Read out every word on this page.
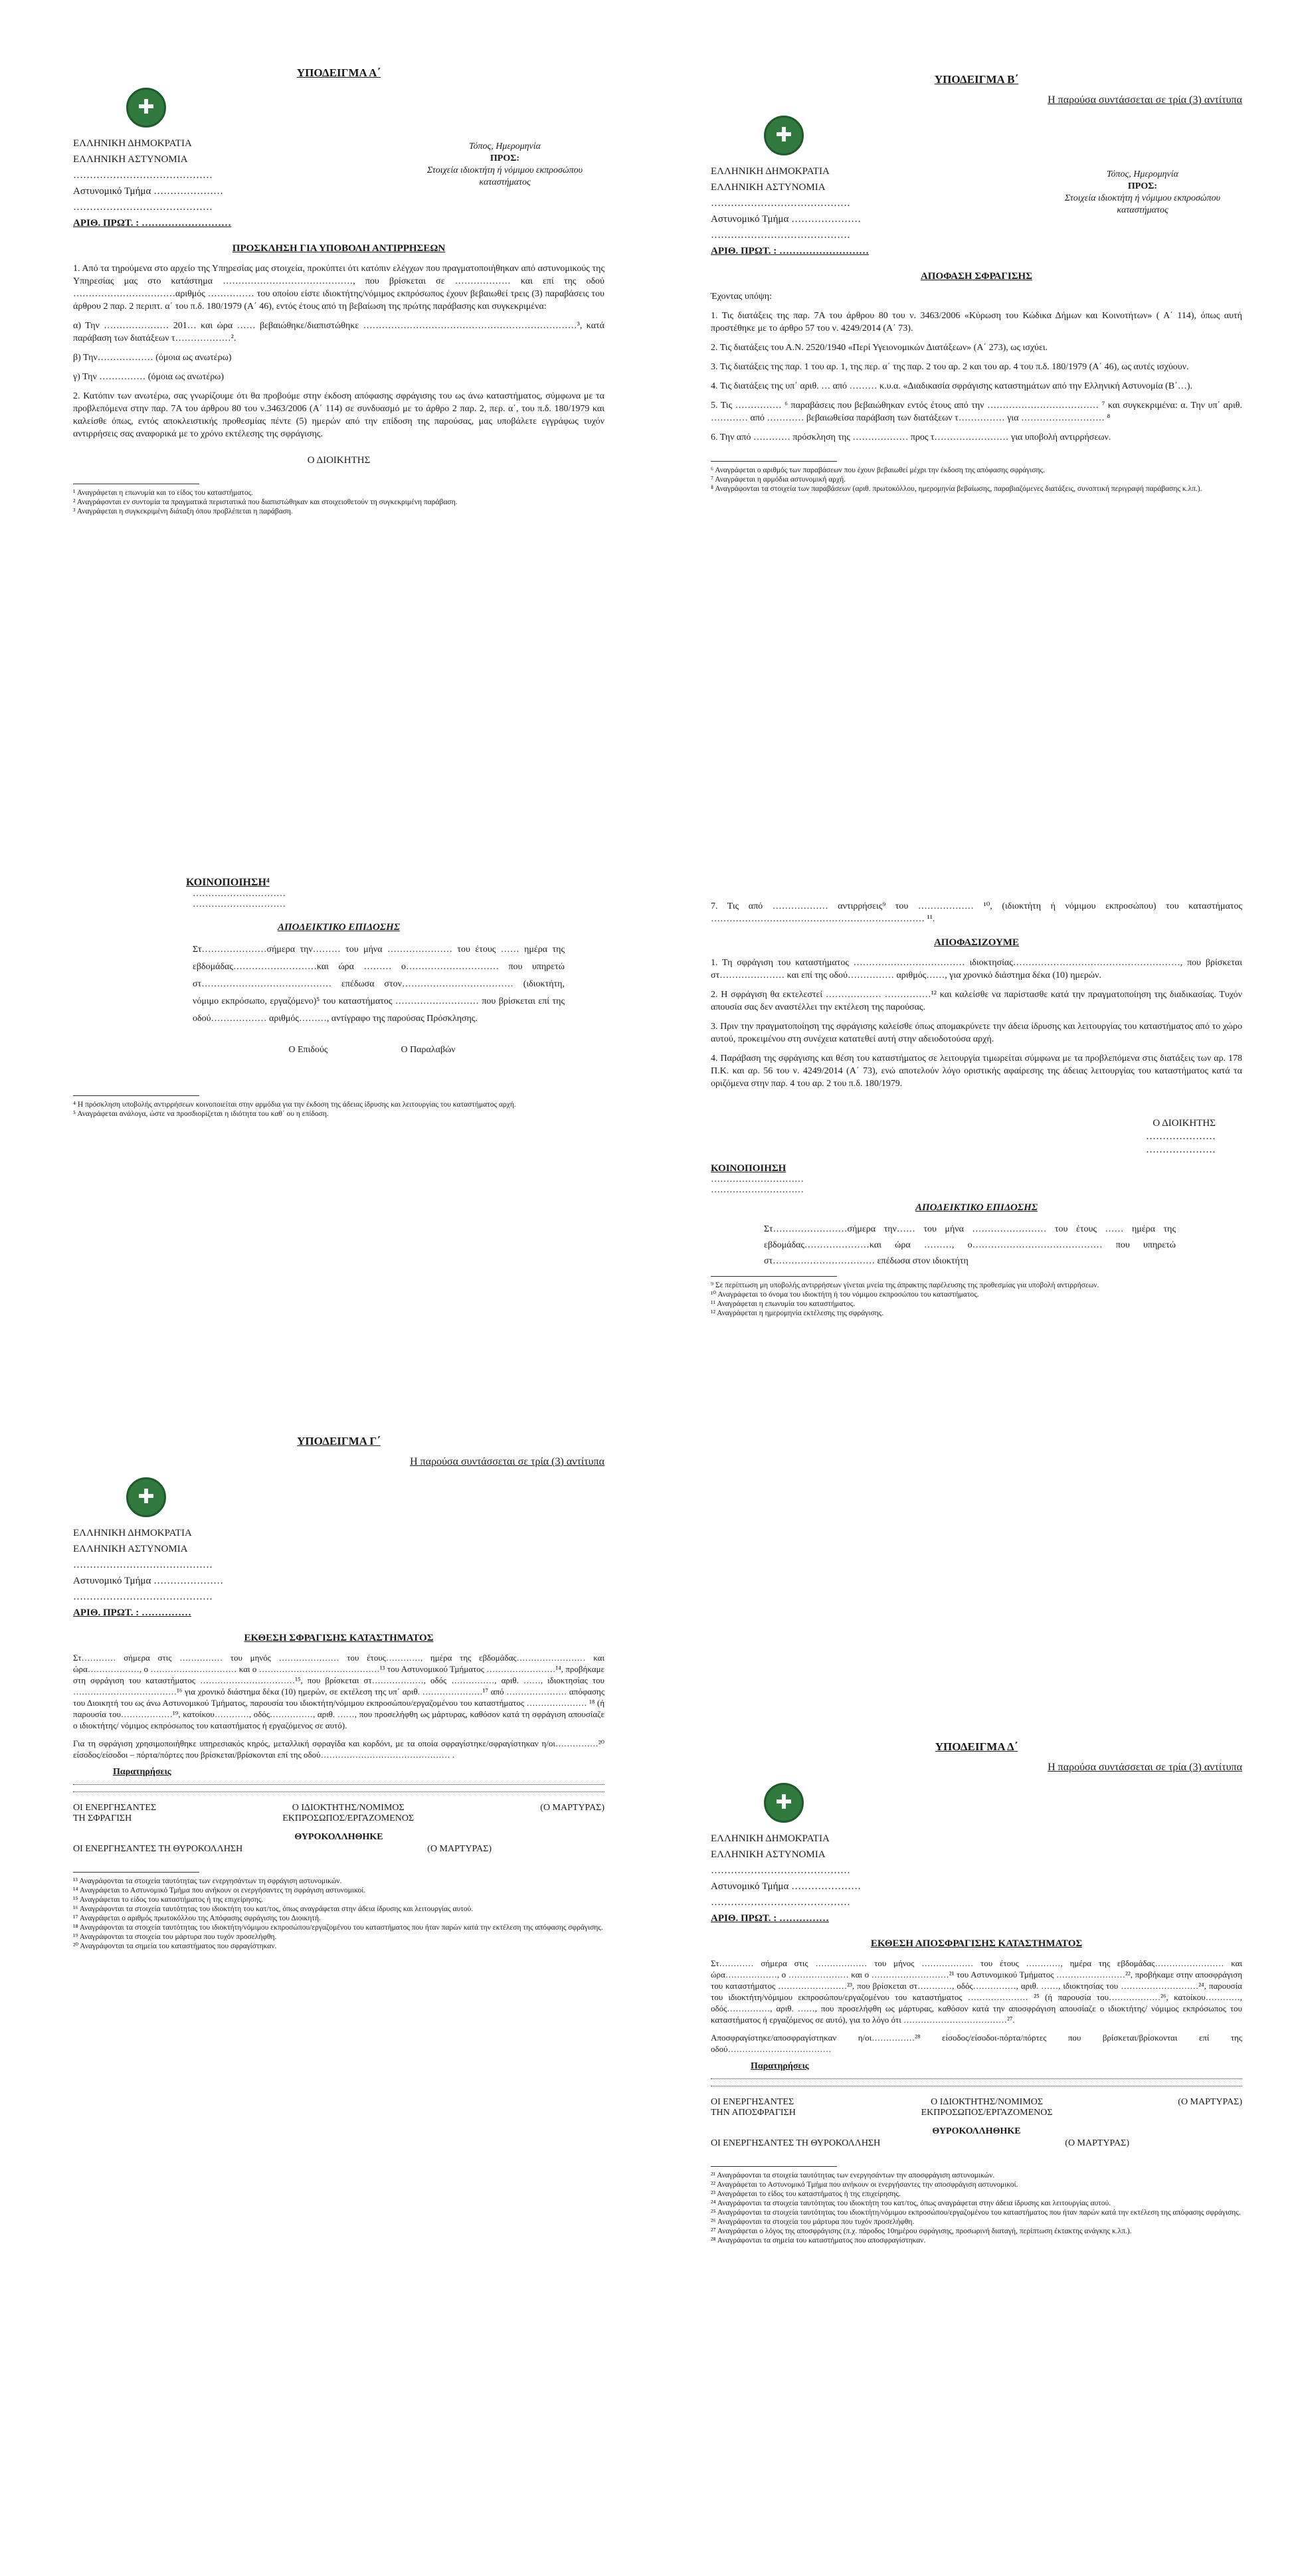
ΥΠΟΔΕΙΓΜΑ Α΄
✚
ΕΛΛΗΝΙΚΗ ΔΗΜΟΚΡΑΤΙΑ
ΕΛΛΗΝΙΚΗ ΑΣΤΥΝΟΜΙΑ
……………………………………
Αστυνομικό Τμήμα …………………
……………………………………
ΑΡΙΘ. ΠΡΩΤ. : ………………………
Τόπος, Ημερομηνία
ΠΡΟΣ:
Στοιχεία ιδιοκτήτη ή νόμιμου εκπροσώπου καταστήματος
ΠΡΟΣΚΛΗΣΗ ΓΙΑ ΥΠΟΒΟΛΗ ΑΝΤΙΡΡΗΣΕΩΝ

1. Από τα τηρούμενα στο αρχείο της Υπηρεσίας μας στοιχεία, προκύπτει ότι κατόπιν ελέγχων που πραγματοποιήθηκαν από αστυνομικούς της Υπηρεσίας μας στο κατάστημα ……………………………………, που βρίσκεται σε ……………… και επί της οδού ……………………………αριθμός …………… του οποίου είστε ιδιοκτήτης/νόμιμος εκπρόσωπος έχουν βεβαιωθεί τρεις (3) παραβάσεις του άρθρου 2 παρ. 2 περιπτ. α΄ του π.δ. 180/1979 (Α΄ 46), εντός έτους από τη βεβαίωση της πρώτης παράβασης και συγκεκριμένα:

α) Την ………………… 201… και ώρα …… βεβαιώθηκε/διαπιστώθηκε ……………………………………………………………³, κατά παράβαση των διατάξεων τ………………².

β) Την……………… (όμοια ως ανωτέρω)

γ) Την …………… (όμοια ως ανωτέρω)

2. Κατόπιν των ανωτέρω, σας γνωρίζουμε ότι θα προβούμε στην έκδοση απόφασης σφράγισης του ως άνω καταστήματος, σύμφωνα με τα προβλεπόμενα στην παρ. 7Α του άρθρου 80 του ν.3463/2006 (Α΄ 114) σε συνδυασμό με το άρθρο 2 παρ. 2, περ. α΄, του π.δ. 180/1979 και καλείσθε όπως, εντός αποκλειστικής προθεσμίας πέντε (5) ημερών από την επίδοση της παρούσας, μας υποβάλετε εγγράφως τυχόν αντιρρήσεις σας αναφορικά με το χρόνο εκτέλεσης της σφράγισης.

Ο ΔΙΟΙΚΗΤΗΣ

¹ Αναγράφεται η επωνυμία και το είδος του καταστήματος.

² Αναγράφονται εν συντομία τα πραγματικά περιστατικά που διαπιστώθηκαν και στοιχειοθετούν τη συγκεκριμένη παράβαση.

³ Αναγράφεται η συγκεκριμένη διάταξη όπου προβλέπεται η παράβαση.

ΥΠΟΔΕΙΓΜΑ Β΄
Η παρούσα συντάσσεται σε τρία (3) αντίτυπα
✚
ΕΛΛΗΝΙΚΗ ΔΗΜΟΚΡΑΤΙΑ
ΕΛΛΗΝΙΚΗ ΑΣΤΥΝΟΜΙΑ
……………………………………
Αστυνομικό Τμήμα …………………
……………………………………
ΑΡΙΘ. ΠΡΩΤ. : ………………………
Τόπος, Ημερομηνία
ΠΡΟΣ:
Στοιχεία ιδιοκτήτη ή νόμιμου εκπροσώπου καταστήματος
ΑΠΟΦΑΣΗ ΣΦΡΑΓΙΣΗΣ

Έχοντας υπόψη:

1. Τις διατάξεις της παρ. 7Α του άρθρου 80 του ν. 3463/2006 «Κύρωση του Κώδικα Δήμων και Κοινοτήτων» ( Α΄ 114), όπως αυτή προστέθηκε με το άρθρο 57 του ν. 4249/2014 (Α΄ 73).

2. Τις διατάξεις του Α.Ν. 2520/1940 «Περί Υγειονομικών Διατάξεων» (Α΄ 273), ως ισχύει.

3. Τις διατάξεις της παρ. 1 του αρ. 1, της περ. α΄ της παρ. 2 του αρ. 2 και του αρ. 4 του π.δ. 180/1979 (Α΄ 46), ως αυτές ισχύουν.

4. Τις διατάξεις της υπ΄ αριθ. … από ……… κ.υ.α. «Διαδικασία σφράγισης καταστημάτων από την Ελληνική Αστυνομία (Β΄…).

5. Τις …………… ⁶ παραβάσεις που βεβαιώθηκαν εντός έτους από την ……………………………… ⁷ και συγκεκριμένα: α. Την υπ΄ αριθ. ………… από ………… βεβαιωθείσα παράβαση των διατάξεων τ…………… για ……………………… ⁸

6. Την από ………… πρόσκληση της ……………… προς τ…………………… για υποβολή αντιρρήσεων.

⁶ Αναγράφεται ο αριθμός των παραβάσεων που έχουν βεβαιωθεί μέχρι την έκδοση της απόφασης σφράγισης.

⁷ Αναγράφεται η αρμόδια αστυνομική αρχή.

⁸ Αναγράφονται τα στοιχεία των παραβάσεων (αριθ. πρωτοκόλλου, ημερομηνία βεβαίωσης, παραβιαζόμενες διατάξεις, συνοπτική περιγραφή παράβασης κ.λπ.).

ΚΟΙΝΟΠΟΙΗΣΗ⁴
…………………………
…………………………
ΑΠΟΔΕΙΚΤΙΚΟ ΕΠΙΔΟΣΗΣ

Στ…………………σήμερα την……… του μήνα ………………… του έτους …… ημέρα της εβδομάδας………………………και ώρα ……… ο………………………… που υπηρετώ στ…………………………………… επέδωσα στον……………………………… (ιδιοκτήτη, νόμιμο εκπρόσωπο, εργαζόμενο)⁵ του καταστήματος ……………………… που βρίσκεται επί της οδού……………… αριθμός………, αντίγραφο της παρούσας Πρόσκλησης.

Ο Επιδούς	Ο Παραλαβών

⁴ Η πρόσκληση υποβολής αντιρρήσεων κοινοποιείται στην αρμόδια για την έκδοση της άδειας ίδρυσης και λειτουργίας του καταστήματος αρχή.

⁵ Αναγράφεται ανάλογα, ώστε να προσδιορίζεται η ιδιότητα του καθ΄ ου η επίδοση.

7. Τις από ……………… αντιρρήσεις⁹ του ……………… ¹⁰, (ιδιοκτήτη ή νόμιμου εκπροσώπου) του καταστήματος …………………………………………………………… ¹¹.

ΑΠΟΦΑΣΙΖΟΥΜΕ

1. Τη σφράγιση του καταστήματος ……………………………… ιδιοκτησίας………………………………………………, που βρίσκεται στ………………… και επί της οδού…………… αριθμός……, για χρονικό διάστημα δέκα (10) ημερών.

2. Η σφράγιση θα εκτελεστεί ……………… ……………¹² και καλείσθε να παρίστασθε κατά την πραγματοποίηση της διαδικασίας. Τυχόν απουσία σας δεν αναστέλλει την εκτέλεση της παρούσας.

3. Πριν την πραγματοποίηση της σφράγισης καλείσθε όπως απομακρύνετε την άδεια ίδρυσης και λειτουργίας του καταστήματος από το χώρο αυτού, προκειμένου στη συνέχεια κατατεθεί αυτή στην αδειοδοτούσα αρχή.

4. Παράβαση της σφράγισης και θέση του καταστήματος σε λειτουργία τιμωρείται σύμφωνα με τα προβλεπόμενα στις διατάξεις των αρ. 178 Π.Κ. και αρ. 56 του ν. 4249/2014 (Α΄ 73), ενώ αποτελούν λόγο οριστικής αφαίρεσης της άδειας λειτουργίας του καταστήματος κατά τα οριζόμενα στην παρ. 4 του αρ. 2 του π.δ. 180/1979.

Ο ΔΙΟΙΚΗΤΗΣ
…………………
…………………
ΚΟΙΝΟΠΟΙΗΣΗ
…………………………
…………………………
ΑΠΟΔΕΙΚΤΙΚΟ ΕΠΙΔΟΣΗΣ

Στ……………………σήμερα την…… του μήνα …………………… του έτους …… ημέρα της εβδομάδας…………………και ώρα ………, ο…………………………………… που υπηρετώ στ…………………………… επέδωσα στον ιδιοκτήτη

⁹ Σε περίπτωση μη υποβολής αντιρρήσεων γίνεται μνεία της άπρακτης παρέλευσης της προθεσμίας για υποβολή αντιρρήσεων.

¹⁰ Αναγράφεται το όνομα του ιδιοκτήτη ή του νόμιμου εκπροσώπου του καταστήματος.

¹¹ Αναγράφεται η επωνυμία του καταστήματος.

¹² Αναγράφεται η ημερομηνία εκτέλεσης της σφράγισης.

ΥΠΟΔΕΙΓΜΑ Γ΄
Η παρούσα συντάσσεται σε τρία (3) αντίτυπα
✚
ΕΛΛΗΝΙΚΗ ΔΗΜΟΚΡΑΤΙΑ
ΕΛΛΗΝΙΚΗ ΑΣΤΥΝΟΜΙΑ
……………………………………
Αστυνομικό Τμήμα …………………
……………………………………
ΑΡΙΘ. ΠΡΩΤ. : ……………
ΕΚΘΕΣΗ ΣΦΡΑΓΙΣΗΣ ΚΑΤΑΣΤΗΜΑΤΟΣ

Στ………… σήμερα στις …………… του μηνός ………………… του έτους…………, ημέρα της εβδομάδας…………………… και ώρα………………, ο ………………………… και ο ……………………………………¹³ του Αστυνομικού Τμήματος ……………………¹⁴, προβήκαμε στη σφράγιση του καταστήματος ……………………………¹⁵, που βρίσκεται στ………………, οδός ……………, αριθ. ……, ιδιοκτησίας του ………………………………¹⁶ για χρονικό διάστημα δέκα (10) ημερών, σε εκτέλεση της υπ΄ αριθ. …………………¹⁷ από ………………… απόφασης του Διοικητή του ως άνω Αστυνομικού Τμήματος, παρουσία του ιδιοκτήτη/νόμιμου εκπροσώπου/εργαζομένου του καταστήματος ………………… ¹⁸ (ή παρουσία του………………¹⁹, κατοίκου…………, οδός……………, αριθ. ……, που προσελήφθη ως μάρτυρας, καθόσον κατά τη σφράγιση απουσίαζε ο ιδιοκτήτης/ νόμιμος εκπρόσωπος του καταστήματος ή εργαζόμενος σε αυτό).

Για τη σφράγιση χρησιμοποιήθηκε υπηρεσιακός κηρός, μεταλλική σφραγίδα και κορδόνι, με τα οποία σφραγίστηκε/σφραγίστηκαν η/οι……………²⁰ είσοδος/είσοδοι – πόρτα/πόρτες που βρίσκεται/βρίσκονται επί της οδού……………………………………… .

Παρατηρήσεις
ΟΙ ΕΝΕΡΓΗΣΑΝΤΕΣ
ΤΗ ΣΦΡΑΓΙΣΗ
Ο ΙΔΙΟΚΤΗΤΗΣ/ΝΟΜΙΜΟΣ
ΕΚΠΡΟΣΩΠΟΣ/ΕΡΓΑΖΟΜΕΝΟΣ
(Ο ΜΑΡΤΥΡΑΣ)
ΘΥΡΟΚΟΛΛΗΘΗΚΕ
ΟΙ ΕΝΕΡΓΗΣΑΝΤΕΣ ΤΗ ΘΥΡΟΚΟΛΛΗΣΗ	(Ο ΜΑΡΤΥΡΑΣ)

¹³ Αναγράφονται τα στοιχεία ταυτότητας των ενεργησάντων τη σφράγιση αστυνομικών.

¹⁴ Αναγράφεται το Αστυνομικό Τμήμα που ανήκουν οι ενεργήσαντες τη σφράγιση αστυνομικοί.

¹⁵ Αναγράφεται το είδος του καταστήματος ή της επιχείρησης.

¹⁶ Αναγράφονται τα στοιχεία ταυτότητας του ιδιοκτήτη του κατ/τος, όπως αναγράφεται στην άδεια ίδρυσης και λειτουργίας αυτού.

¹⁷ Αναγράφεται ο αριθμός πρωτοκόλλου της Απόφασης σφράγισης του Διοικητή.

¹⁸ Αναγράφονται τα στοιχεία ταυτότητας του ιδιοκτήτη/νόμιμου εκπροσώπου/εργαζομένου του καταστήματος που ήταν παρών κατά την εκτέλεση της απόφασης σφράγισης.

¹⁹ Αναγράφονται τα στοιχεία του μάρτυρα που τυχόν προσελήφθη.

²⁰ Αναγράφονται τα σημεία του καταστήματος που σφραγίστηκαν.

ΥΠΟΔΕΙΓΜΑ Δ΄
Η παρούσα συντάσσεται σε τρία (3) αντίτυπα
✚
ΕΛΛΗΝΙΚΗ ΔΗΜΟΚΡΑΤΙΑ
ΕΛΛΗΝΙΚΗ ΑΣΤΥΝΟΜΙΑ
……………………………………
Αστυνομικό Τμήμα …………………
……………………………………
ΑΡΙΘ. ΠΡΩΤ. : ……………
ΕΚΘΕΣΗ ΑΠΟΣΦΡΑΓΙΣΗΣ ΚΑΤΑΣΤΗΜΑΤΟΣ

Στ………… σήμερα στις ……………… του μήνος ……………… του έτους …………, ημέρα της εβδομάδας…………………… και ώρα………………, ο ………………… και ο ………………………²¹ του Αστυνομικού Τμήματος ……………………²², προβήκαμε στην αποσφράγιση του καταστήματος ……………………²³, που βρίσκεται στ…………, οδός……………, αριθ. ……, ιδιοκτησίας του ………………………²⁴, παρουσία του ιδιοκτήτη/νόμιμου εκπροσώπου/εργαζομένου του καταστήματος ………………… ²⁵ (ή παρουσία του………………²⁶, κατοίκου…………, οδός……………, αριθ. ……, που προσελήφθη ως μάρτυρας, καθόσον κατά την αποσφράγιση απουσίαζε ο ιδιοκτήτης/ νόμιμος εκπρόσωπος του καταστήματος ή εργαζόμενος σε αυτό), για το λόγο ότι ………………………………²⁷.

Αποσφραγίστηκε/αποσφραγίστηκαν η/οι……………²⁸ είσοδος/είσοδοι-πόρτα/πόρτες που βρίσκεται/βρίσκονται επί της οδού………………………………

Παρατηρήσεις
ΟΙ ΕΝΕΡΓΗΣΑΝΤΕΣ
ΤΗΝ ΑΠΟΣΦΡΑΓΙΣΗ
Ο ΙΔΙΟΚΤΗΤΗΣ/ΝΟΜΙΜΟΣ
ΕΚΠΡΟΣΩΠΟΣ/ΕΡΓΑΖΟΜΕΝΟΣ
(Ο ΜΑΡΤΥΡΑΣ)
ΘΥΡΟΚΟΛΛΗΘΗΚΕ
ΟΙ ΕΝΕΡΓΗΣΑΝΤΕΣ ΤΗ ΘΥΡΟΚΟΛΛΗΣΗ	(Ο ΜΑΡΤΥΡΑΣ)

²¹ Αναγράφονται τα στοιχεία ταυτότητας των ενεργησάντων την αποσφράγιση αστυνομικών.

²² Αναγράφεται το Αστυνομικό Τμήμα που ανήκουν οι ενεργήσαντες την αποσφράγιση αστυνομικοί.

²³ Αναγράφεται το είδος του καταστήματος ή της επιχείρησης.

²⁴ Αναγράφονται τα στοιχεία ταυτότητας του ιδιοκτήτη του κατ/τος, όπως αναγράφεται στην άδεια ίδρυσης και λειτουργίας αυτού.

²⁵ Αναγράφονται τα στοιχεία ταυτότητας του ιδιοκτήτη/νόμιμου εκπροσώπου/εργαζομένου του καταστήματος που ήταν παρών κατά την εκτέλεση της απόφασης σφράγισης.

²⁶ Αναγράφονται τα στοιχεία του μάρτυρα που τυχόν προσελήφθη.

²⁷ Αναγράφεται ο λόγος της αποσφράγισης (π.χ. πάροδος 10ημέρου σφράγισης, προσωρινή διαταγή, περίπτωση έκτακτης ανάγκης κ.λπ.).

²⁸ Αναγράφονται τα σημεία του καταστήματος που αποσφραγίστηκαν.
